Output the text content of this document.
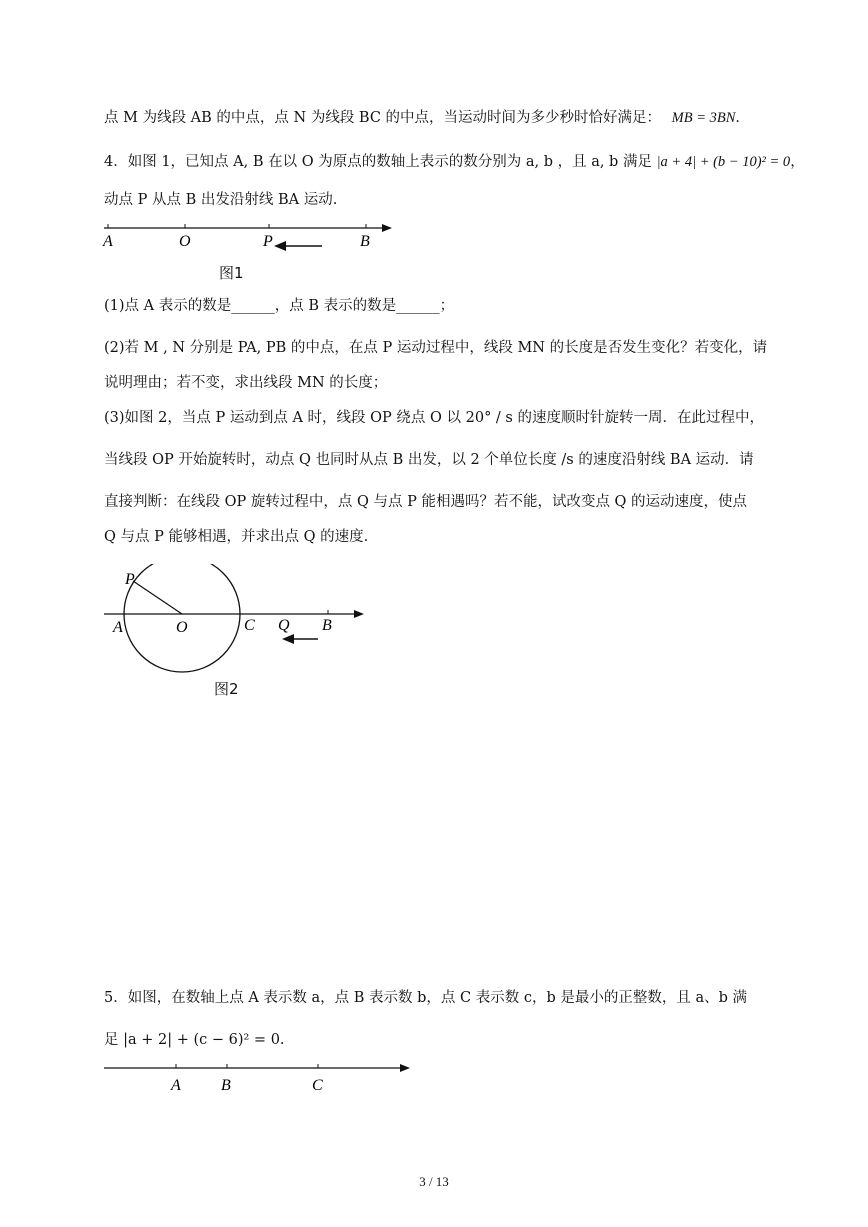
点 M 为线段 AB 的中点，点 N 为线段 BC 的中点，当运动时间为多少秒时恰好满足： MB = 3BN．
4．如图 1，已知点 A, B 在以 O 为原点的数轴上表示的数分别为 a, b ，且 a, b 满足 |a + 4| + (b − 10)² = 0，
动点 P 从点 B 出发沿射线 BA 运动.
A	O	P	B
图1
(1)点 A 表示的数是______，点 B 表示的数是______；
(2)若 M , N 分别是 PA, PB 的中点，在点 P 运动过程中，线段 MN 的长度是否发生变化？若变化，请
说明理由；若不变，求出线段 MN 的长度；
(3)如图 2，当点 P 运动到点 A 时，线段 OP 绕点 O 以 20° / s 的速度顺时针旋转一周．在此过程中，
当线段 OP 开始旋转时，动点 Q 也同时从点 B 出发，以 2 个单位长度 /s 的速度沿射线 BA 运动．请
直接判断：在线段 OP 旋转过程中，点 Q 与点 P 能相遇吗？若不能，试改变点 Q 的运动速度，使点
Q 与点 P 能够相遇，并求出点 Q 的速度.
P
A	O	C Q B
图2
5．如图，在数轴上点 A 表示数 a，点 B 表示数 b，点 C 表示数 c，b 是最小的正整数，且 a、b 满
足 |a + 2| + (c − 6)² = 0.
A	B	C
3 / 13
